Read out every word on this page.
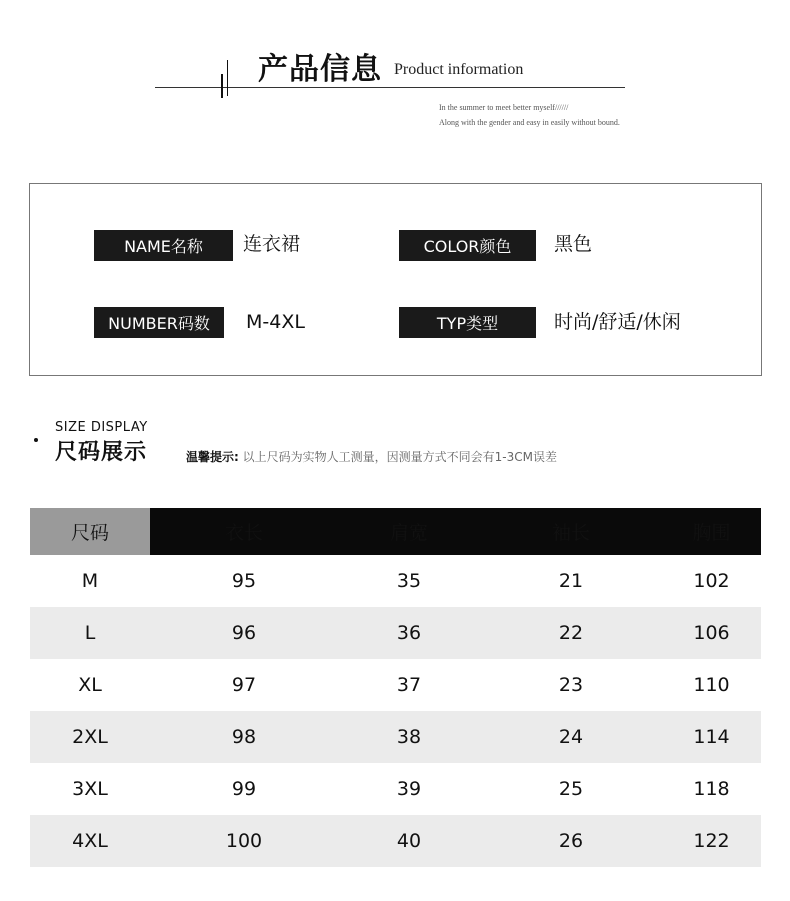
产品信息 Product information
In the summer to meet better myself//////
Along with the gender and easy in easily without bound.
NAME名称	连衣裙	COLOR颜色	黑色
NUMBER码数	M-4XL	TYP类型	时尚/舒适/休闲
SIZE DISPLAY
尺码展示	温馨提示: 以上尺码为实物人工测量，因测量方式不同会有1-3CM误差
尺码	衣长	肩宽	袖长	胸围
M	95	35	21	102
L	96	36	22	106
XL	97	37	23	110
2XL	98	38	24	114
3XL	99	39	25	118
4XL	100	40	26	122
